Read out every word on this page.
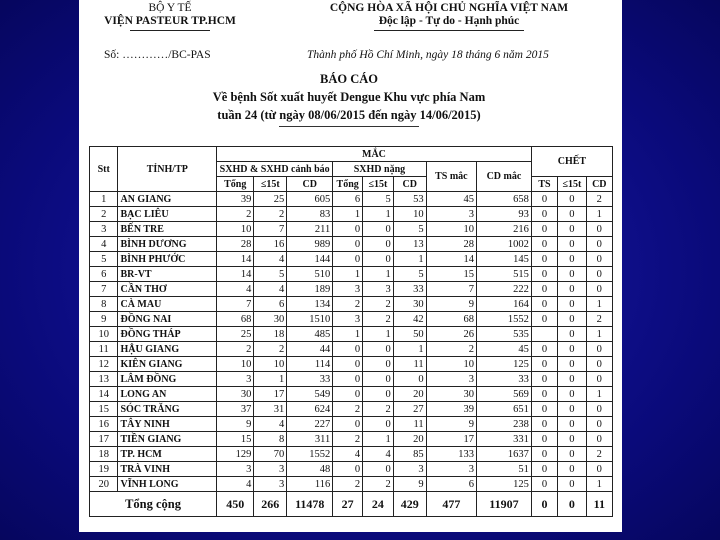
BỘ Y TẾ
VIỆN PASTEUR TP.HCM
CỘNG HÒA XÃ HỘI CHỦ NGHĨA VIỆT NAM
Độc lập - Tự do - Hạnh phúc
Số: …………/BC-PAS	Thành phố Hồ Chí Minh, ngày 18 tháng 6 năm 2015
BÁO CÁO
Về bệnh Sốt xuất huyết Dengue Khu vực phía Nam
tuần 24 (từ ngày 08/06/2015 đến ngày 14/06/2015)
Stt	TỈNH/TP	MẮC								CHẾT		
		SXHD & SXHD cảnh báo			SXHD nặng			TS mắc	CD mắc			
		Tổng	≤15t	CD	Tổng	≤15t	CD			TS	≤15t	CD
1	AN GIANG	39	25	605	6	5	53	45	658	0	0	2
2	BẠC LIÊU	2	2	83	1	1	10	3	93	0	0	1
3	BẾN TRE	10	7	211	0	0	5	10	216	0	0	0
4	BÌNH DƯƠNG	28	16	989	0	0	13	28	1002	0	0	0
5	BÌNH PHƯỚC	14	4	144	0	0	1	14	145	0	0	0
6	BR-VT	14	5	510	1	1	5	15	515	0	0	0
7	CẦN THƠ	4	4	189	3	3	33	7	222	0	0	0
8	CÀ MAU	7	6	134	2	2	30	9	164	0	0	1
9	ĐỒNG NAI	68	30	1510	3	2	42	68	1552	0	0	2
10	ĐỒNG THÁP	25	18	485	1	1	50	26	535		0	1
11	HẬU GIANG	2	2	44	0	0	1	2	45	0	0	0
12	KIÊN GIANG	10	10	114	0	0	11	10	125	0	0	0
13	LÂM ĐỒNG	3	1	33	0	0	0	3	33	0	0	0
14	LONG AN	30	17	549	0	0	20	30	569	0	0	1
15	SÓC TRĂNG	37	31	624	2	2	27	39	651	0	0	0
16	TÂY NINH	9	4	227	0	0	11	9	238	0	0	0
17	TIỀN GIANG	15	8	311	2	1	20	17	331	0	0	0
18	TP. HCM	129	70	1552	4	4	85	133	1637	0	0	2
19	TRÀ VINH	3	3	48	0	0	3	3	51	0	0	0
20	VĨNH LONG	4	3	116	2	2	9	6	125	0	0	1
Tổng cộng		450	266	11478	27	24	429	477	11907	0	0	11
